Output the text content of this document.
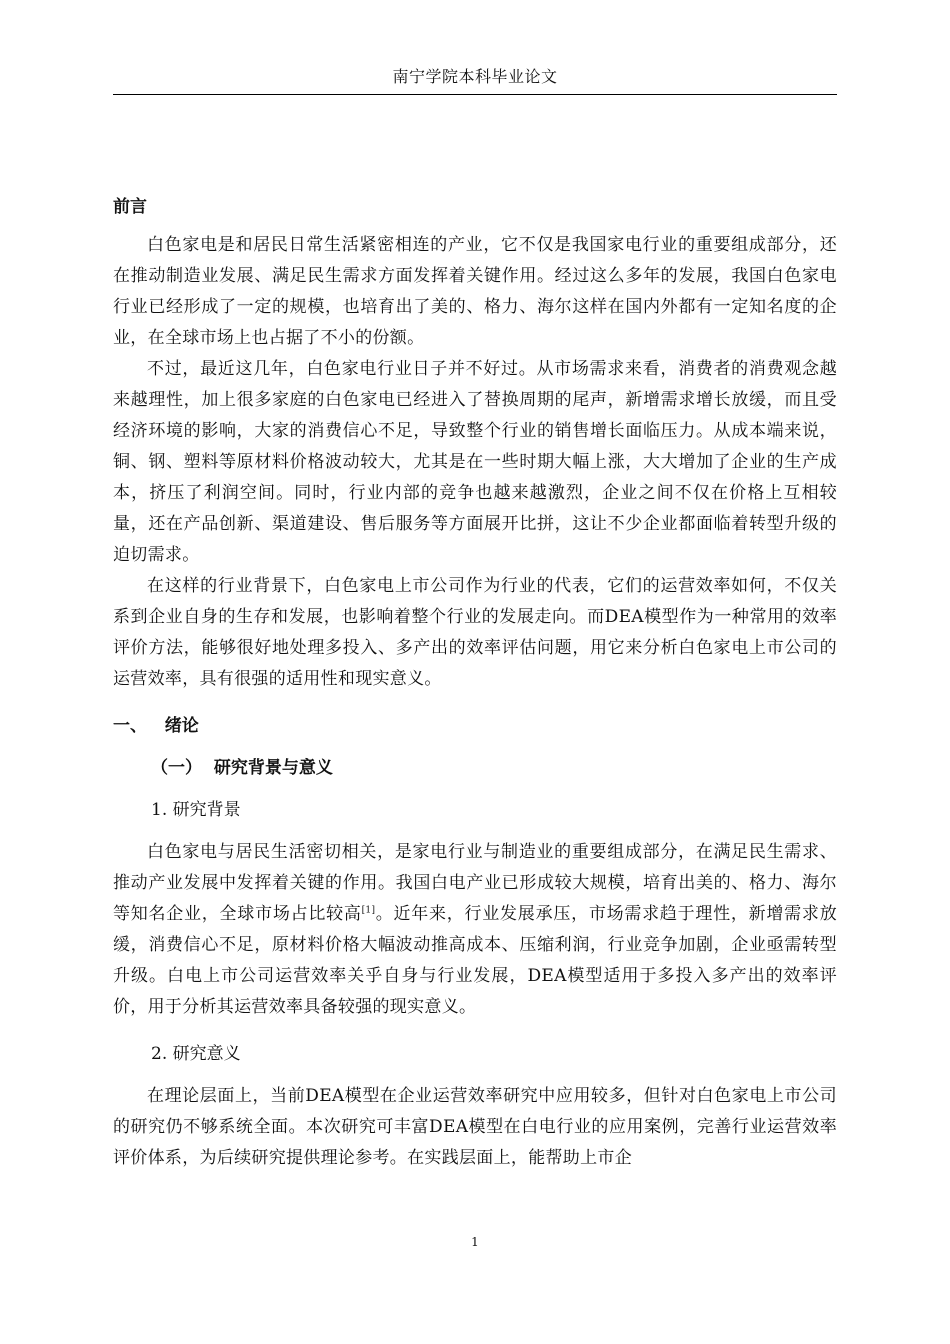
南宁学院本科毕业论文
前言

白色家电是和居民日常生活紧密相连的产业，它不仅是我国家电行业的重要组成部分，还在推动制造业发展、满足民生需求方面发挥着关键作用。经过这么多年的发展，我国白色家电行业已经形成了一定的规模，也培育出了美的、格力、海尔这样在国内外都有一定知名度的企业，在全球市场上也占据了不小的份额。

不过，最近这几年，白色家电行业日子并不好过。从市场需求来看，消费者的消费观念越来越理性，加上很多家庭的白色家电已经进入了替换周期的尾声，新增需求增长放缓，而且受经济环境的影响，大家的消费信心不足，导致整个行业的销售增长面临压力。从成本端来说，铜、钢、塑料等原材料价格波动较大，尤其是在一些时期大幅上涨，大大增加了企业的生产成本，挤压了利润空间。同时，行业内部的竞争也越来越激烈，企业之间不仅在价格上互相较量，还在产品创新、渠道建设、售后服务等方面展开比拼，这让不少企业都面临着转型升级的迫切需求。

在这样的行业背景下，白色家电上市公司作为行业的代表，它们的运营效率如何，不仅关系到企业自身的生存和发展，也影响着整个行业的发展走向。而DEA模型作为一种常用的效率评价方法，能够很好地处理多投入、多产出的效率评估问题，用它来分析白色家电上市公司的运营效率，具有很强的适用性和现实意义。

一、 绪论
（一） 研究背景与意义
1. 研究背景

白色家电与居民生活密切相关，是家电行业与制造业的重要组成部分，在满足民生需求、推动产业发展中发挥着关键的作用。我国白电产业已形成较大规模，培育出美的、格力、海尔等知名企业，全球市场占比较高[1]。近年来，行业发展承压，市场需求趋于理性，新增需求放缓，消费信心不足，原材料价格大幅波动推高成本、压缩利润，行业竞争加剧，企业亟需转型升级。白电上市公司运营效率关乎自身与行业发展，DEA模型适用于多投入多产出的效率评价，用于分析其运营效率具备较强的现实意义。

2. 研究意义

在理论层面上，当前DEA模型在企业运营效率研究中应用较多，但针对白色家电上市公司的研究仍不够系统全面。本次研究可丰富DEA模型在白电行业的应用案例，完善行业运营效率评价体系，为后续研究提供理论参考。在实践层面上，能帮助上市企

1
